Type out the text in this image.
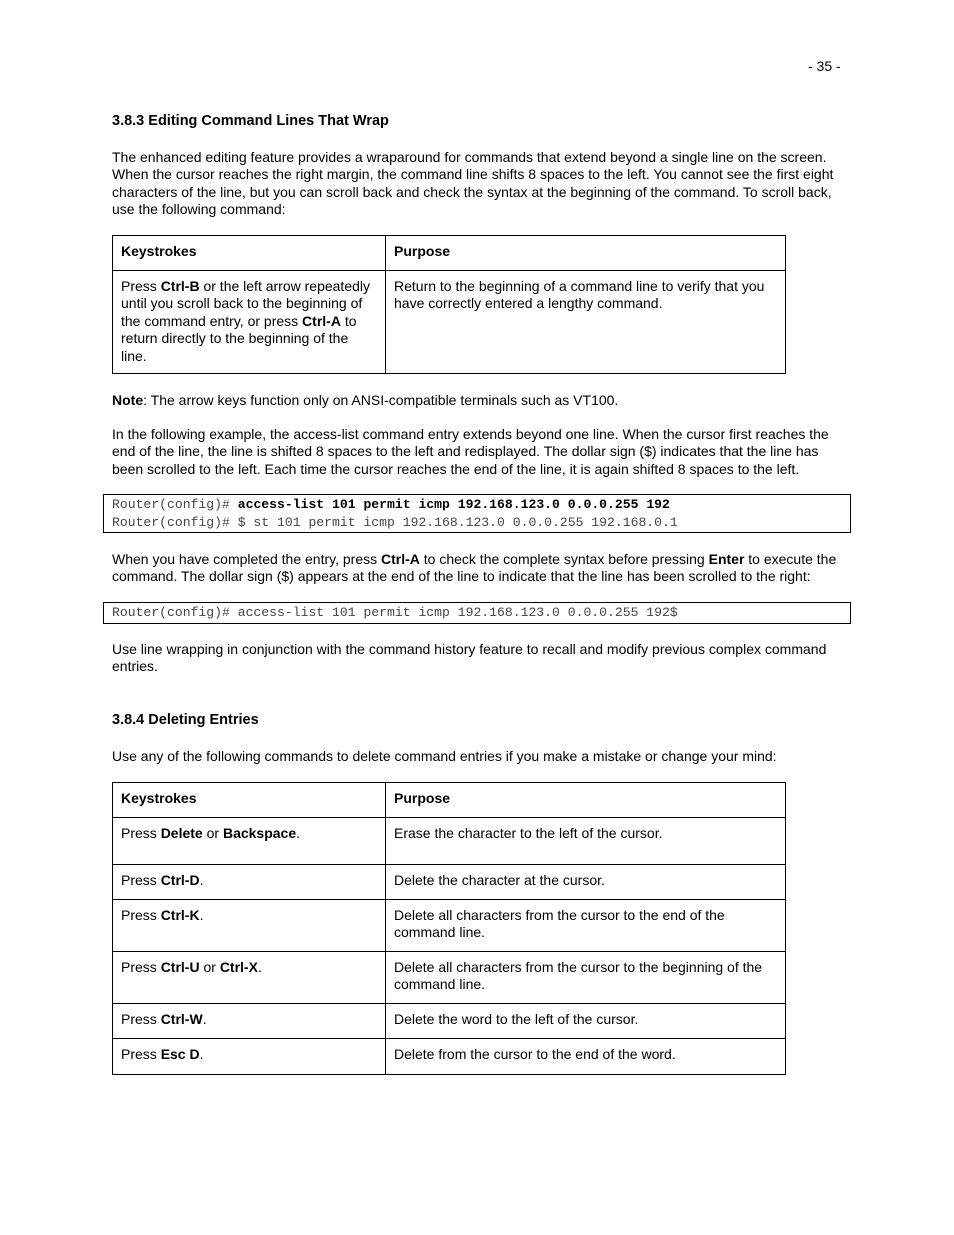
- 35 -
3.8.3 Editing Command Lines That Wrap

The enhanced editing feature provides a wraparound for commands that extend beyond a single line on the screen. When the cursor reaches the right margin, the command line shifts 8 spaces to the left. You cannot see the first eight characters of the line, but you can scroll back and check the syntax at the beginning of the command. To scroll back, use the following command:

Keystrokes	Purpose
Press Ctrl-B or the left arrow repeatedly until you scroll back to the beginning of the command entry, or press Ctrl-A to return directly to the beginning of the line.	Return to the beginning of a command line to verify that you have correctly entered a lengthy command.

Note: The arrow keys function only on ANSI-compatible terminals such as VT100.

In the following example, the access-list command entry extends beyond one line. When the cursor first reaches the end of the line, the line is shifted 8 spaces to the left and redisplayed. The dollar sign ($) indicates that the line has been scrolled to the left. Each time the cursor reaches the end of the line, it is again shifted 8 spaces to the left.

Router(config)# access-list 101 permit icmp 192.168.123.0 0.0.0.255 192
Router(config)# $ st 101 permit icmp 192.168.123.0 0.0.0.255 192.168.0.1

When you have completed the entry, press Ctrl-A to check the complete syntax before pressing Enter to execute the command. The dollar sign ($) appears at the end of the line to indicate that the line has been scrolled to the right:

Router(config)# access-list 101 permit icmp 192.168.123.0 0.0.0.255 192$

Use line wrapping in conjunction with the command history feature to recall and modify previous complex command entries.

3.8.4 Deleting Entries

Use any of the following commands to delete command entries if you make a mistake or change your mind:

Keystrokes	Purpose
Press Delete or Backspace.	Erase the character to the left of the cursor.
Press Ctrl-D.	Delete the character at the cursor.
Press Ctrl-K.	Delete all characters from the cursor to the end of the command line.
Press Ctrl-U or Ctrl-X.	Delete all characters from the cursor to the beginning of the command line.
Press Ctrl-W.	Delete the word to the left of the cursor.
Press Esc D.	Delete from the cursor to the end of the word.
